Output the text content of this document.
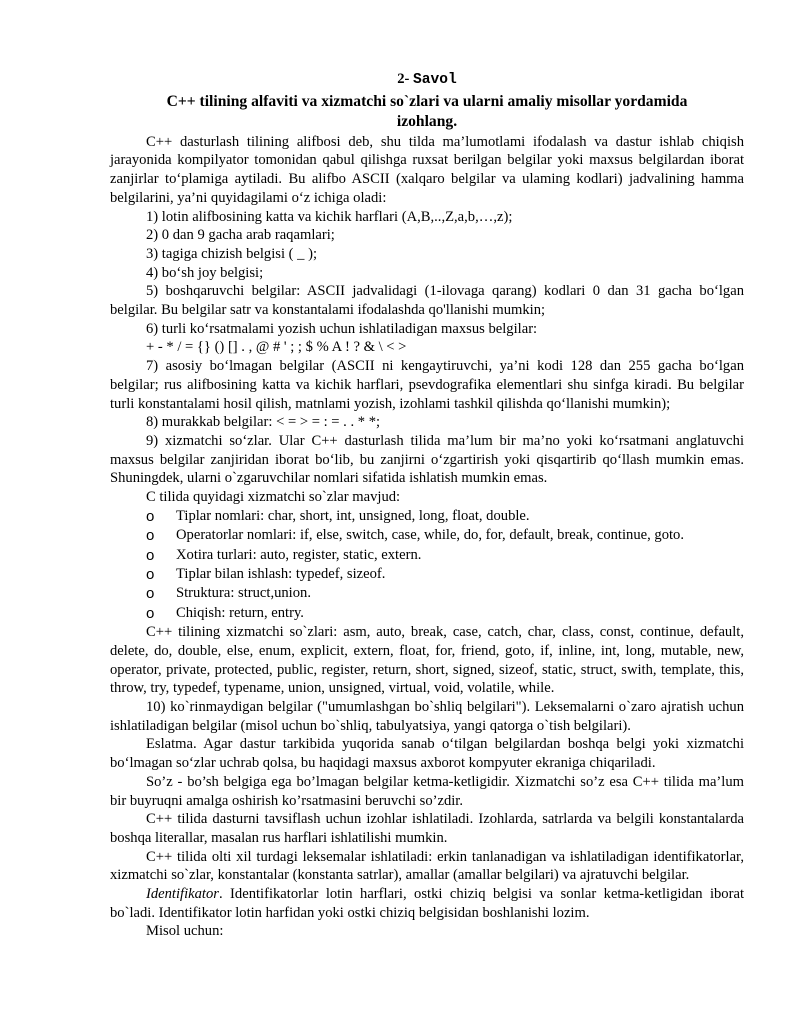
2- Savol
C++ tilining alfaviti va xizmatchi so`zlari va ularni amaliy misollar yordamida
izohlang.

C++ dasturlash tilining alifbosi deb, shu tilda ma’lumotlami ifodalash va dastur ishlab chiqish jarayonida kompilyator tomonidan qabul qilishga ruxsat berilgan belgilar yoki maxsus belgilardan iborat zanjirlar to‘plamiga aytiladi. Bu alifbo ASCII (xalqaro belgilar va ulaming kodlari) jadvalining hamma belgilarini, ya’ni quyidagilami o‘z ichiga oladi:

1) lotin alifbosining katta va kichik harflari (A,B,..,Z,a,b,…,z);

2) 0 dan 9 gacha arab raqamlari;

3) tagiga chizish belgisi ( _ );

4) bo‘sh joy belgisi;

5) boshqaruvchi belgilar: ASCII jadvalidagi (1-ilovaga qarang) kodlari 0 dan 31 gacha bo‘lgan belgilar. Bu belgilar satr va konstantalami ifodalashda qo'llanishi mumkin;

6) turli ko‘rsatmalami yozish uchun ishlatiladigan maxsus belgilar:

+ - * / = {} () [] . , @ # ' ; ; $ % A ! ? & \ < >

7) asosiy bo‘lmagan belgilar (ASCII ni kengaytiruvchi, ya’ni kodi 128 dan 255 gacha bo‘lgan belgilar; rus alifbosining katta va kichik harflari, psevdografika elementlari shu sinfga kiradi. Bu belgilar turli konstantalami hosil qilish, matnlami yozish, izohlami tashkil qilishda qo‘llanishi mumkin);

8) murakkab belgilar: < = > = : = . . * *;

9) xizmatchi so‘zlar. Ular C++ dasturlash tilida ma’lum bir ma’no yoki ko‘rsatmani anglatuvchi maxsus belgilar zanjiridan iborat bo‘lib, bu zanjirni o‘zgartirish yoki qisqartirib qo‘llash mumkin emas. Shuningdek, ularni o`zgaruvchilar nomlari sifatida ishlatish mumkin emas.

C tilida quyidagi xizmatchi so`zlar mavjud:

o Tiplar nomlari: char, short, int, unsigned, long, float, double.
o Operatorlar nomlari: if, else, switch, case, while, do, for, default, break, continue, goto.
o Xotira turlari: auto, register, static, extern.
o Tiplar bilan ishlash: typedef, sizeof.
o Struktura: struct,union.
o Chiqish: return, entry.

C++ tilining xizmatchi so`zlari: asm, auto, break, case, catch, char, class, const, continue, default, delete, do, double, else, enum, explicit, extern, float, for, friend, goto, if, inline, int, long, mutable, new, operator, private, protected, public, register, return, short, signed, sizeof, static, struct, swith, template, this, throw, try, typedef, typename, union, unsigned, virtual, void, volatile, while.

10) ko`rinmaydigan belgilar ("umumlashgan bo`shliq belgilari"). Leksemalarni o`zaro ajratish uchun ishlatiladigan belgilar (misol uchun bo`shliq, tabulyatsiya, yangi qatorga o`tish belgilari).

Eslatma. Agar dastur tarkibida yuqorida sanab o‘tilgan belgilardan boshqa belgi yoki xizmatchi bo‘lmagan so‘zlar uchrab qolsa, bu haqidagi maxsus axborot kompyuter ekraniga chiqariladi.

So’z - bo’sh belgiga ega bo’lmagan belgilar ketma-ketligidir. Xizmatchi so’z esa C++ tilida ma’lum bir buyruqni amalga oshirish ko’rsatmasini beruvchi so’zdir.

C++ tilida dasturni tavsiflash uchun izohlar ishlatiladi. Izohlarda, satrlarda va belgili konstantalarda boshqa literallar, masalan rus harflari ishlatilishi mumkin.

C++ tilida olti xil turdagi leksemalar ishlatiladi: erkin tanlanadigan va ishlatiladigan identifikatorlar, xizmatchi so`zlar, konstantalar (konstanta satrlar), amallar (amallar belgilari) va ajratuvchi belgilar.

Identifikator. Identifikatorlar lotin harflari, ostki chiziq belgisi va sonlar ketma-ketligidan iborat bo`ladi. Identifikator lotin harfidan yoki ostki chiziq belgisidan boshlanishi lozim.

Misol uchun:
